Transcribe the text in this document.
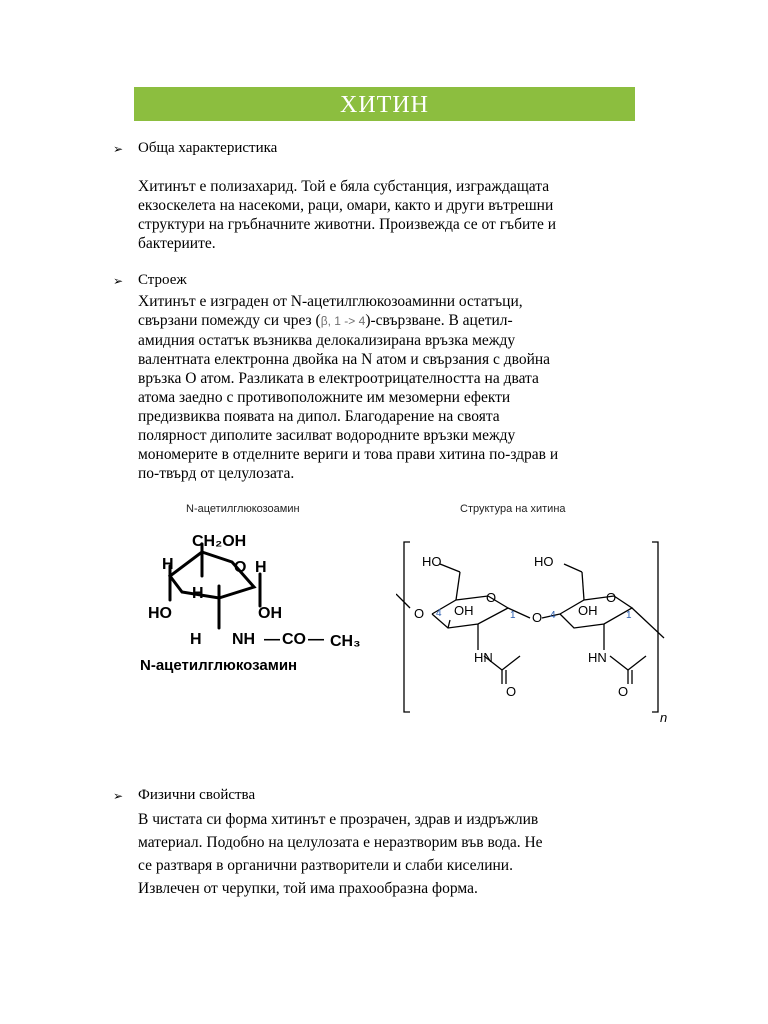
ХИТИН
➢ Обща характеристика

Хитинът е полизахарид. Той е бяла субстанция, изграждащата

екзоскелета на насекоми, раци, омари, както и други вътрешни

структури на гръбначните животни. Произвежда се от гъбите и

бактериите.

➢ Строеж

Хитинът е изграден от N-ацетилглюкозоаминни остатъци,

свързани помежду си чрез (β, 1 -> 4)-свързване. В ацетил-

амидния остатък възниква делокализирана връзка между

валентната електронна двойка на N атом и свързания с двойна

връзка О атом. Разликата в електроотрицателността на двата

атома заедно с противоположните им мезомерни ефекти

предизвиква появата на дипол. Благодарение на своята

полярност диполите засилват водородните връзки между

мономерите в отделните вериги и това прави хитина по-здрав и

по-твърд от целулозата.

N-ацетилглюкозоамин	Структура на хитина
CH₂OH
H	O H
HO
H
OH
H NH — CO — CH₃
N-ацетилглюкозамин
HO
OH
O
O
HN
O
O
HO
OH
O
HN
O
n
4	1	4	1
➢ Физични свойства

В чистата си форма хитинът е прозрачен, здрав и издръжлив

материал. Подобно на целулозата е неразтворим във вода. Не

се разтваря в органични разтворители и слаби киселини.

Извлечен от черупки, той има прахообразна форма.
